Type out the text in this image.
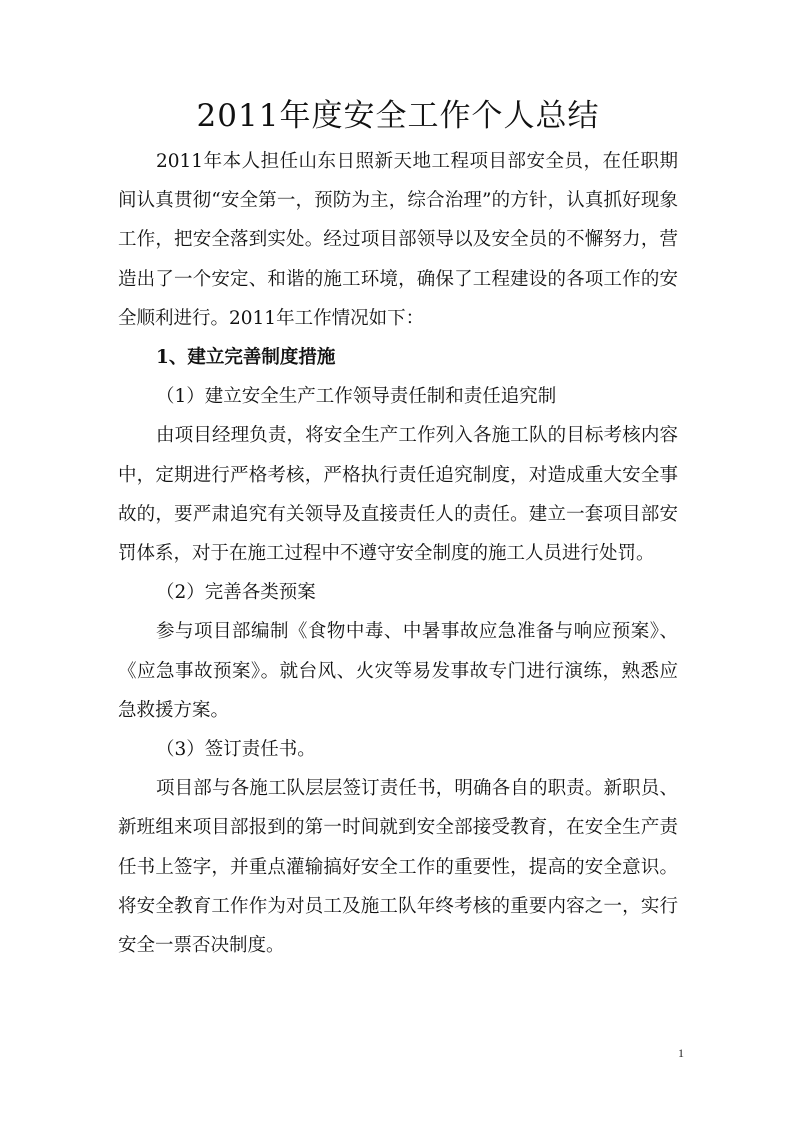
2011年度安全工作个人总结

2011年本人担任山东日照新天地工程项目部安全员，在任职期间认真贯彻“安全第一，预防为主，综合治理”的方针，认真抓好现象工作，把安全落到实处。经过项目部领导以及安全员的不懈努力，营造出了一个安定、和谐的施工环境，确保了工程建设的各项工作的安全顺利进行。2011年工作情况如下：

1、建立完善制度措施

（1）建立安全生产工作领导责任制和责任追究制

由项目经理负责，将安全生产工作列入各施工队的目标考核内容中，定期进行严格考核，严格执行责任追究制度，对造成重大安全事故的，要严肃追究有关领导及直接责任人的责任。建立一套项目部安罚体系，对于在施工过程中不遵守安全制度的施工人员进行处罚。

（2）完善各类预案

参与项目部编制《食物中毒、中暑事故应急准备与响应预案》、《应急事故预案》。就台风、火灾等易发事故专门进行演练，熟悉应急救援方案。

（3）签订责任书。

项目部与各施工队层层签订责任书，明确各自的职责。新职员、新班组来项目部报到的第一时间就到安全部接受教育，在安全生产责任书上签字，并重点灌输搞好安全工作的重要性，提高的安全意识。将安全教育工作作为对员工及施工队年终考核的重要内容之一，实行安全一票否决制度。

1
